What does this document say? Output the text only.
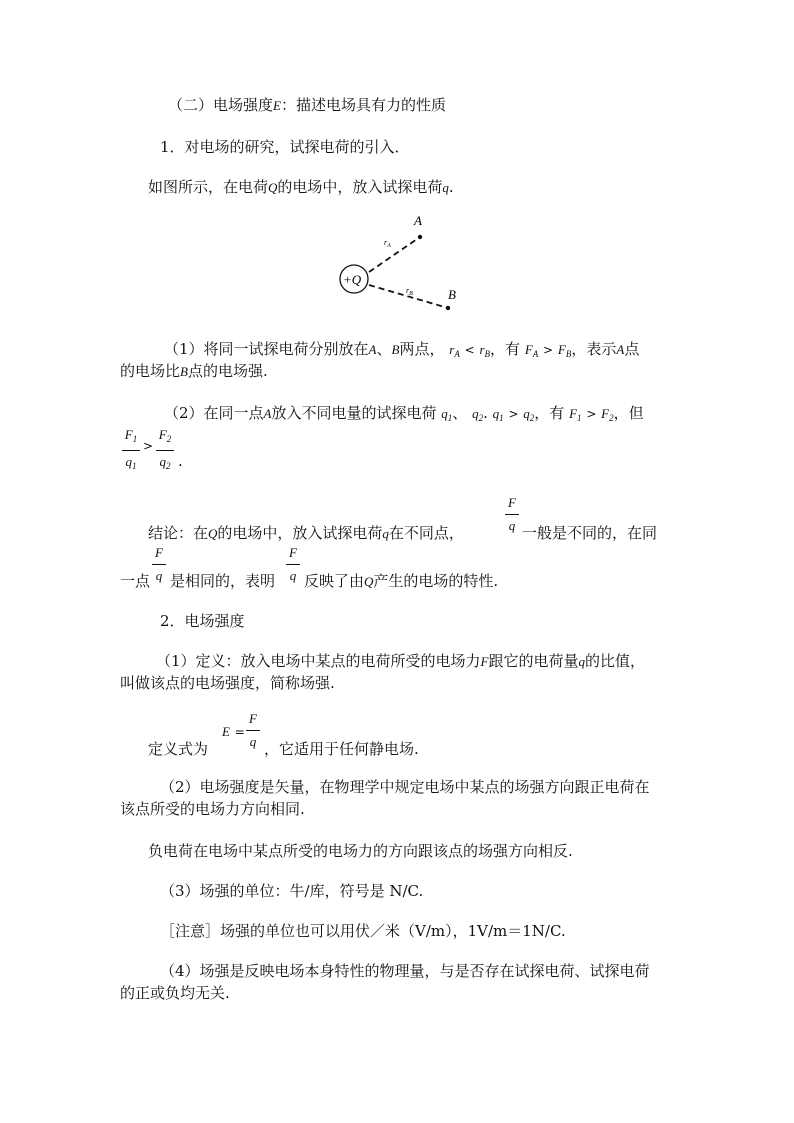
（二）电场强度E：描述电场具有力的性质
1．对电场的研究，试探电荷的引入．
如图所示，在电荷Q的电场中，放入试探电荷q.
+Q
A
$r_A$
B
$r_B$
（1）将同一试探电荷分别放在A、B两点， $r_A < r_B$，有 $F_A > F_B$，表示A点
的电场比B点的电场强.
（2）在同一点A放入不同电量的试探电荷 $q_1$、 $q_2$. $q_1 > q_2$，有 $F_1 > F_2$，但
$F_1$
$q_1$
>
$F_2$
$q_2$ .
结论：在Q的电场中，放入试探电荷q在不同点，
F
q 一般是不同的，在同
一点
F
q 是相同的，表明
F
q 反映了由Q产生的电场的特性.
2．电场强度
（1）定义：放入电场中某点的电荷所受的电场力F跟它的电荷量q的比值，
叫做该点的电场强度，简称场强.
定义式为
E =
F
q ，它适用于任何静电场.
（2）电场强度是矢量，在物理学中规定电场中某点的场强方向跟正电荷在
该点所受的电场力方向相同.
负电荷在电场中某点所受的电场力的方向跟该点的场强方向相反.
（3）场强的单位：牛/库，符号是 N/C.
［注意］场强的单位也可以用伏／米（V/m），1V/m＝1N/C.
（4）场强是反映电场本身特性的物理量，与是否存在试探电荷、试探电荷
的正或负均无关.
